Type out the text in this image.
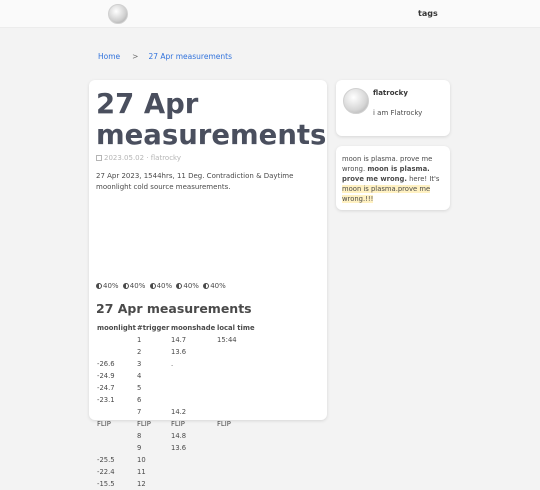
tags
Home > 27 Apr measurements
27 Apr measurements
2023.05.02 · flatrocky

27 Apr 2023, 1544hrs, 11 Deg. Contradiction & Daytime moonlight cold source measurements.

40% 40% 40% 40% 40%
27 Apr measurements
moonlight	#trigger	moonshade	local time
	1	14.7	15:44
	2	13.6	
-26.6	3	.	
-24.9	4		
-24.7	5		
-23.1	6		
	7	14.2	
FLIP	FLIP	FLIP	FLIP
	8	14.8	
	9	13.6	
-25.5	10		
-22.4	11		
-15.5	12		
flatrocky
i am Flatrocky

moon is plasma. prove me wrong. moon is plasma. prove me wrong. here! It's moon is plasma.prove me wrong.!!!
